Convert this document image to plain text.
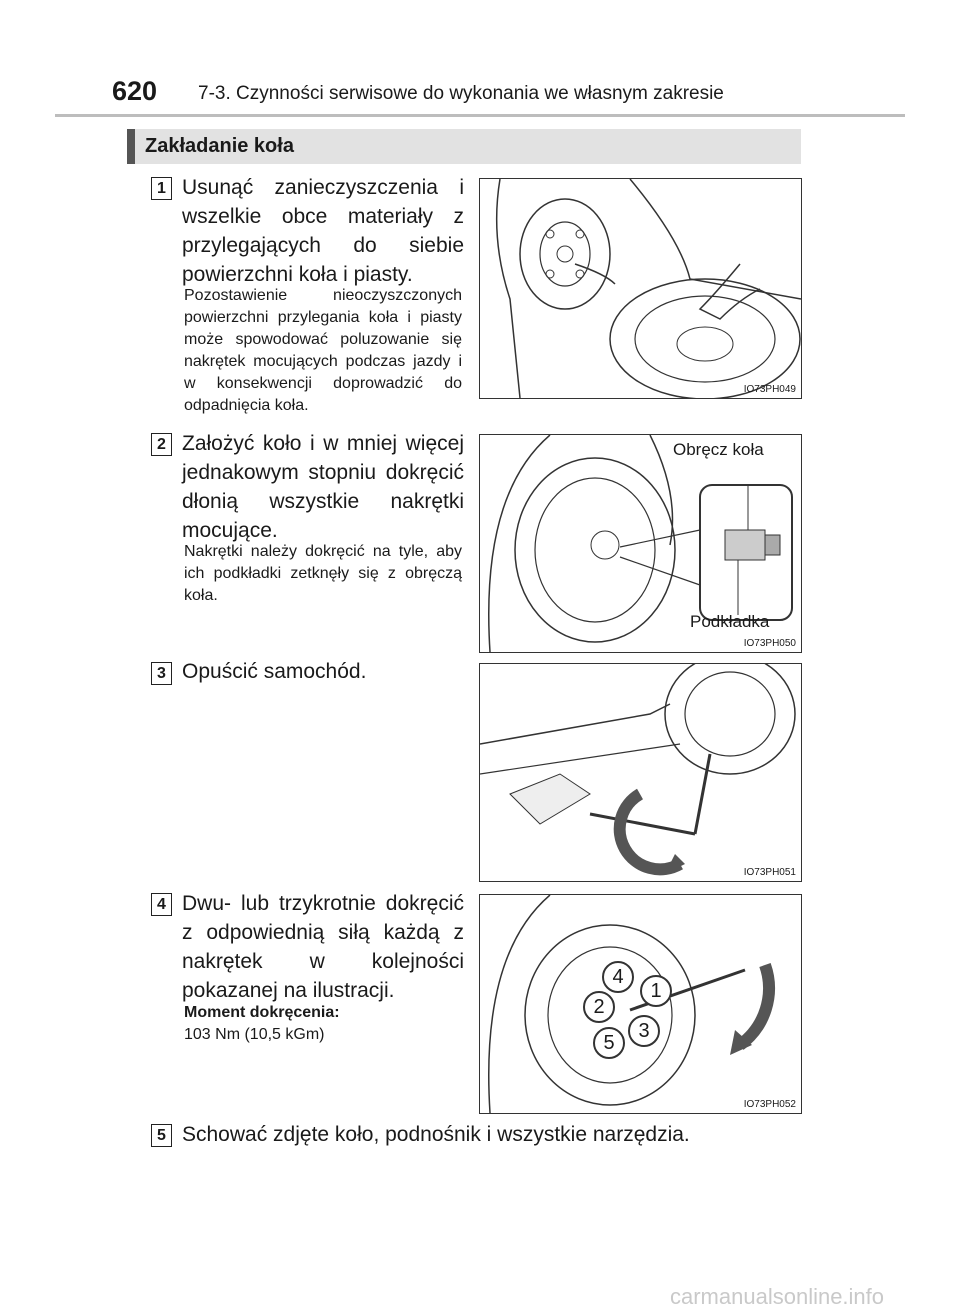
620 7-3. Czynności serwisowe do wykonania we własnym zakresie
Zakładanie koła
1 Usunąć zanieczyszczenia i wszelkie obce materiały z przylegających do siebie powierzchni koła i piasty.
Pozostawienie nieoczyszczonych powierzchni przylegania koła i piasty może spowodować poluzowanie się nakrętek mocujących podczas jazdy i w konsekwencji doprowadzić do odpadnięcia koła.
IO73PH049
2 Założyć koło i w mniej więcej jednakowym stopniu dokręcić dłonią wszystkie nakrętki mocujące.
Nakrętki należy dokręcić na tyle, aby ich podkładki zetknęły się z obręczą koła.
Obręcz koła
Podkładka
IO73PH050
3 Opuścić samochód.
IO73PH051
4 Dwu- lub trzykrotnie dokręcić z odpowiednią siłą każdą z nakrętek w kolejności pokazanej na ilustracji.
Moment dokręcenia:
103 Nm (10,5 kGm)
1
2
3
4
5
IO73PH052
5 Schować zdjęte koło, podnośnik i wszystkie narzędzia.
carmanualsonline.info
